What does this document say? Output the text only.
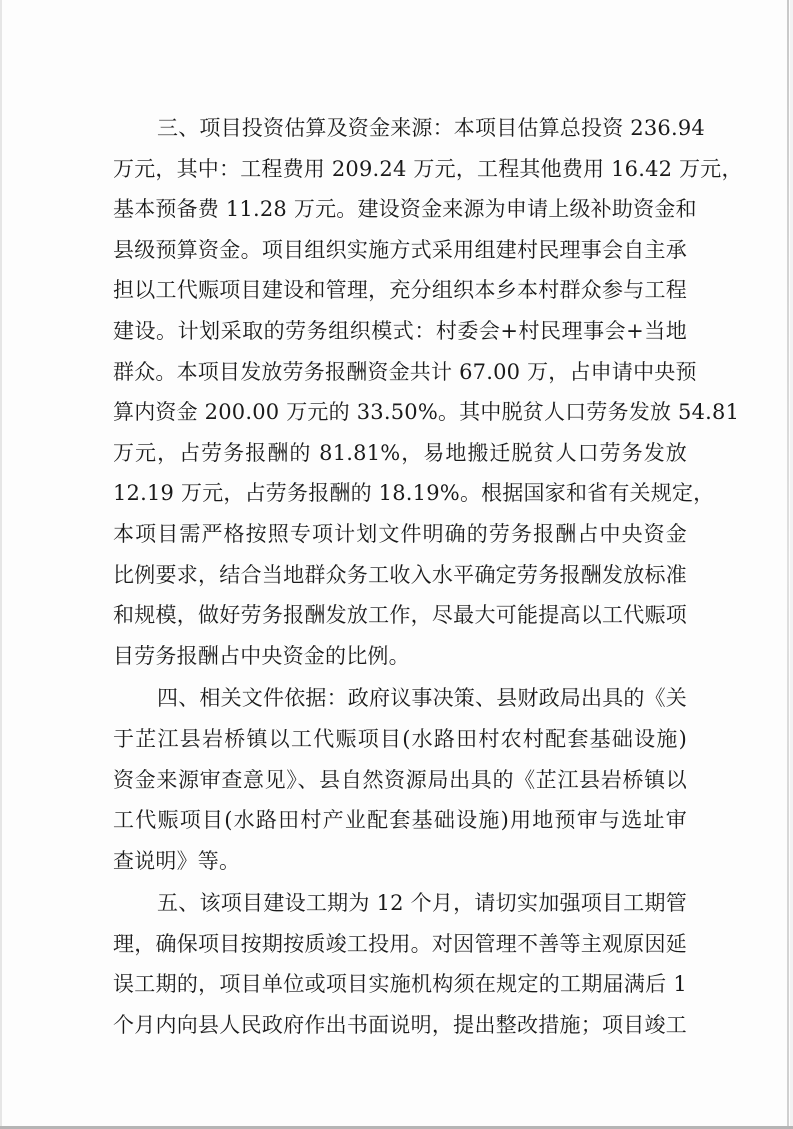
三、项目投资估算及资金来源：本项目估算总投资 236.94
万元，其中：工程费用 209.24 万元，工程其他费用 16.42 万元，
基本预备费 11.28 万元。建设资金来源为申请上级补助资金和
县级预算资金。项目组织实施方式采用组建村民理事会自主承
担以工代赈项目建设和管理，充分组织本乡本村群众参与工程
建设。计划采取的劳务组织模式：村委会+村民理事会+当地
群众。本项目发放劳务报酬资金共计 67.00 万，占申请中央预
算内资金 200.00 万元的 33.50%。其中脱贫人口劳务发放 54.81
万元，占劳务报酬的 81.81%，易地搬迁脱贫人口劳务发放
12.19 万元，占劳务报酬的 18.19%。根据国家和省有关规定，
本项目需严格按照专项计划文件明确的劳务报酬占中央资金
比例要求，结合当地群众务工收入水平确定劳务报酬发放标准
和规模，做好劳务报酬发放工作，尽最大可能提高以工代赈项
目劳务报酬占中央资金的比例。
四、相关文件依据：政府议事决策、县财政局出具的《关
于芷江县岩桥镇以工代赈项目(水路田村农村配套基础设施)
资金来源审查意见》、县自然资源局出具的《芷江县岩桥镇以
工代赈项目(水路田村产业配套基础设施)用地预审与选址审
查说明》等。
五、该项目建设工期为 12 个月，请切实加强项目工期管
理，确保项目按期按质竣工投用。对因管理不善等主观原因延
误工期的，项目单位或项目实施机构须在规定的工期届满后 1
个月内向县人民政府作出书面说明，提出整改措施；项目竣工
